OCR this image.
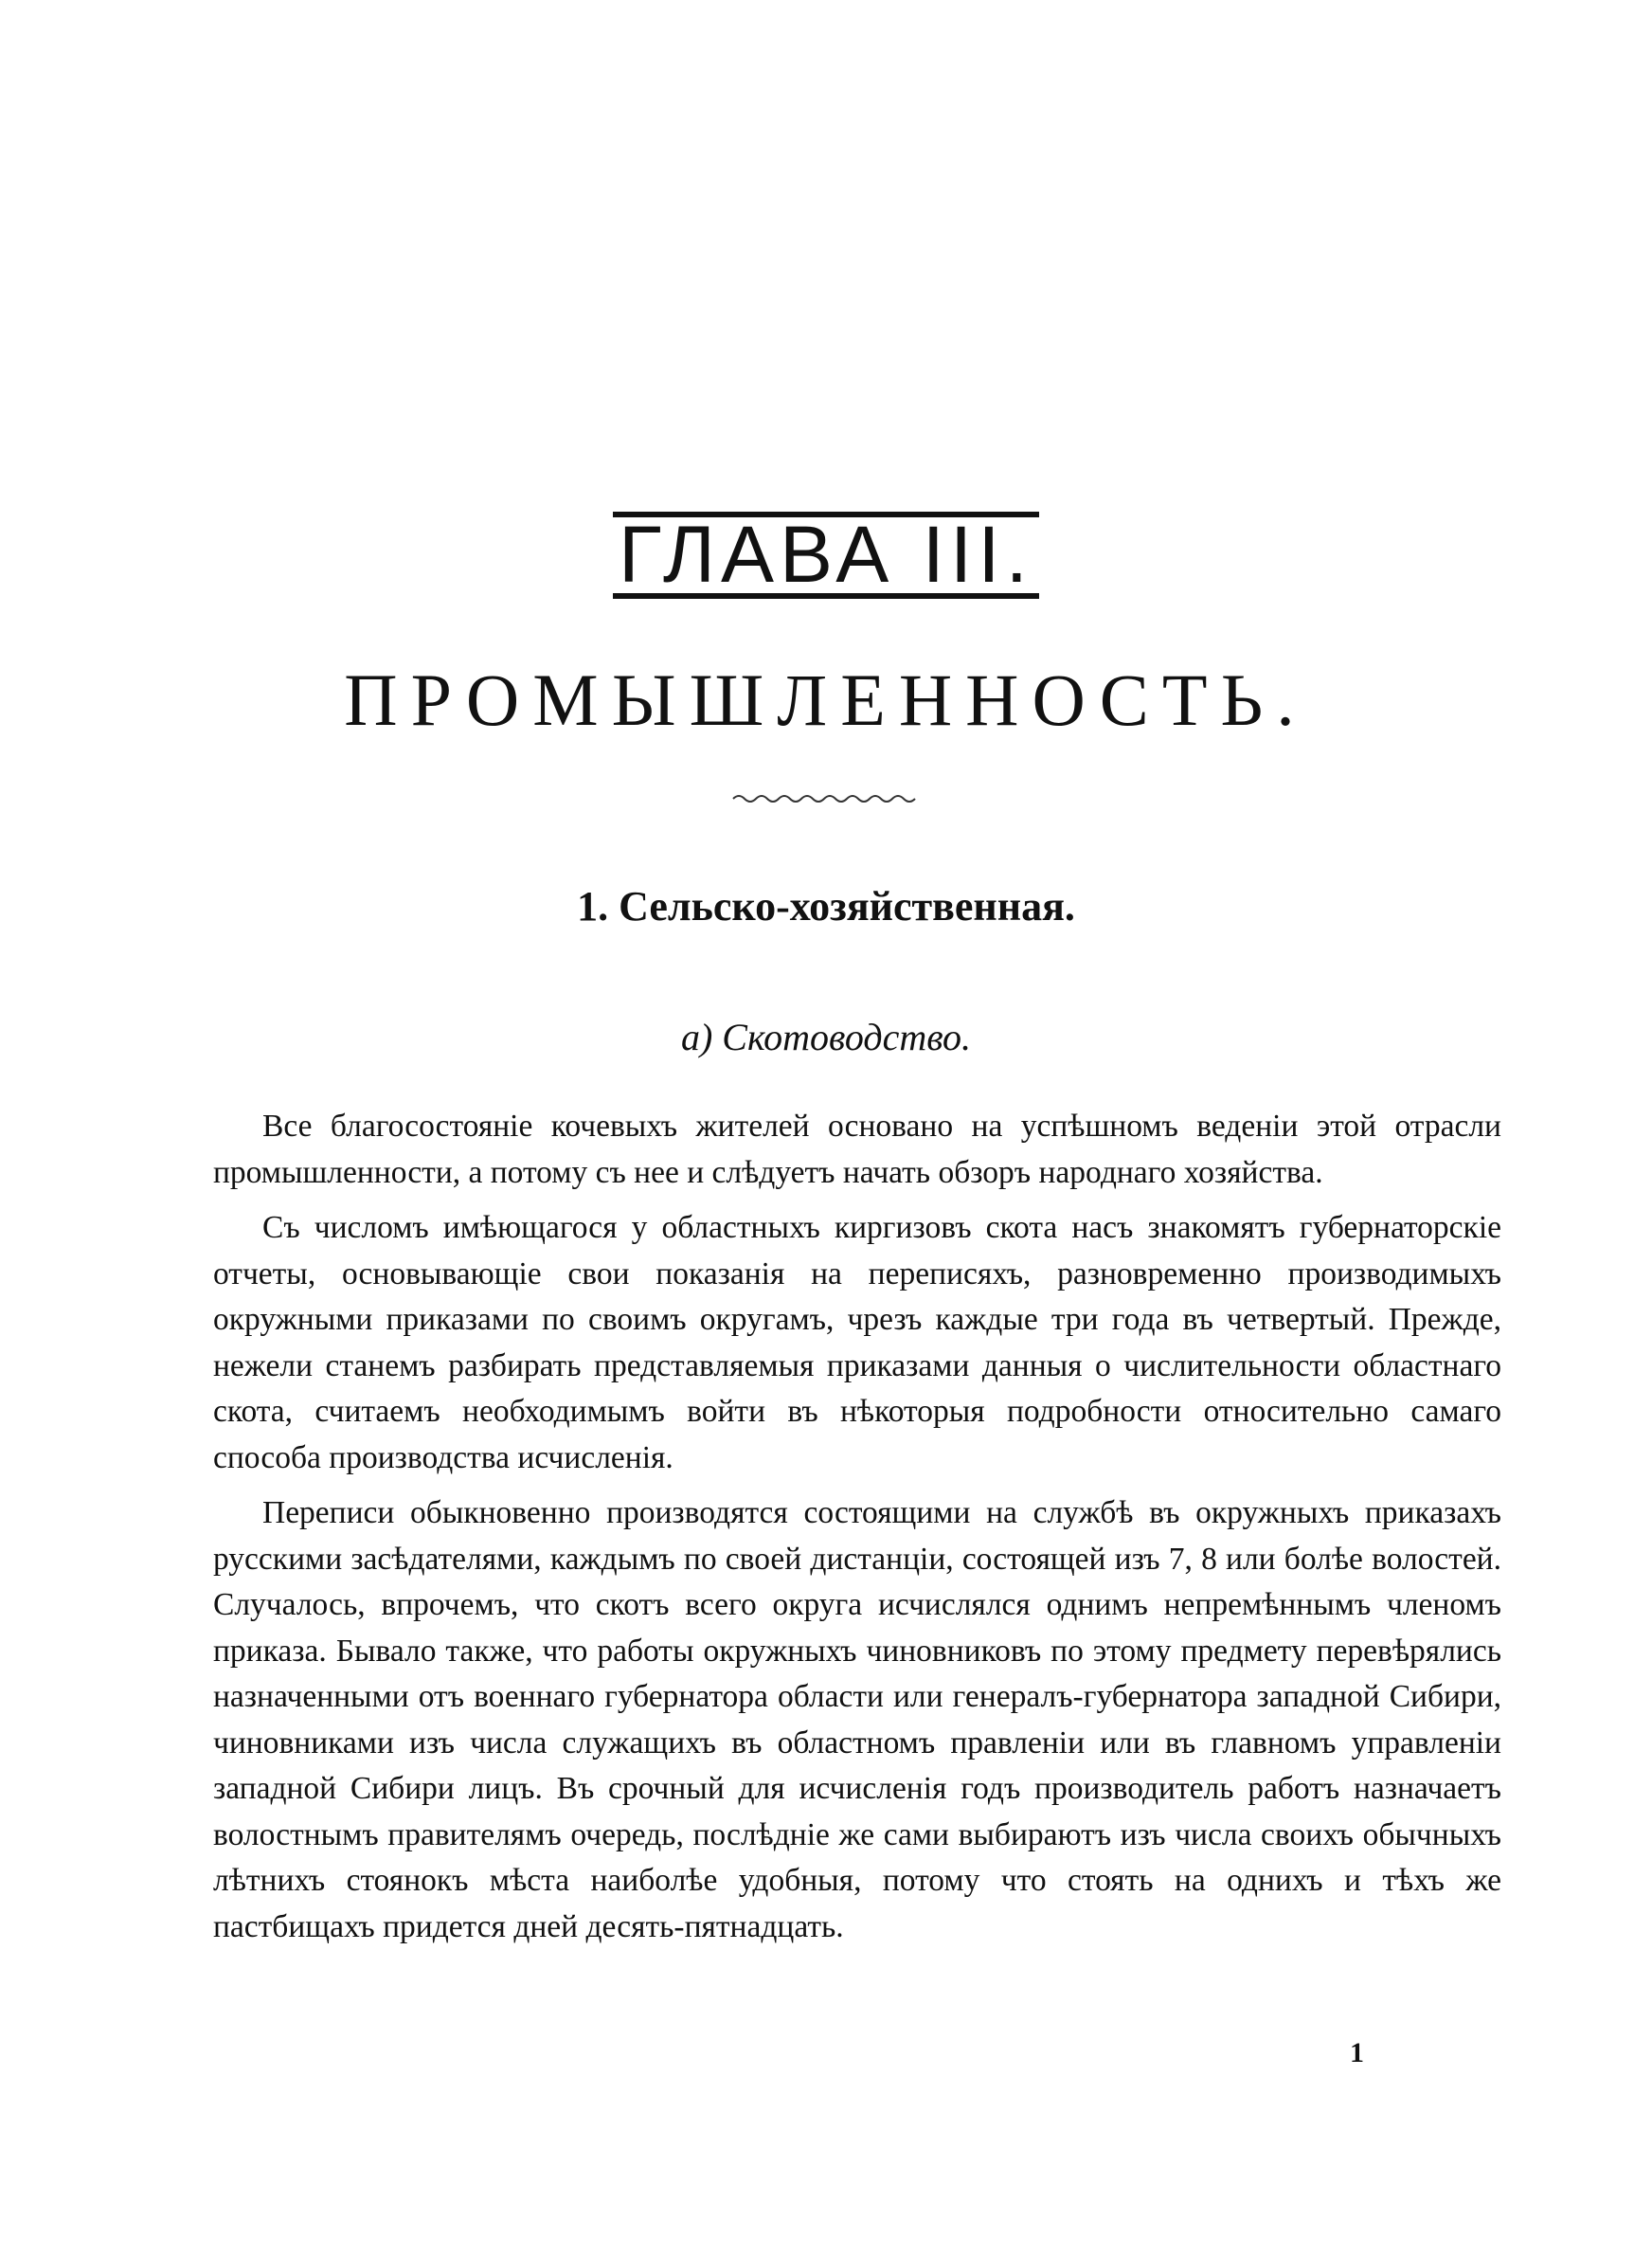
ГЛАВА III.
ПРОМЫШЛЕННОСТЬ.
1. Сельско-хозяйственная.
а) Скотоводство.

Все благосостоянiе кочевыхъ жителей основано на успѣшномъ веденiи этой отрасли промышленности, а потому съ нее и слѣдуетъ начать обзоръ народнаго хозяйства.

Съ числомъ имѣющагося у областныхъ киргизовъ скота насъ знакомятъ губернаторскiе отчеты, основывающiе свои показанiя на переписяхъ, разновременно производимыхъ окружными приказами по своимъ округамъ, чрезъ каждые три года въ четвертый. Прежде, нежели станемъ разбирать представляемыя приказами данныя о числительности областнаго скота, считаемъ необходимымъ войти въ нѣкоторыя подробности относительно самаго способа производства исчисленiя.

Переписи обыкновенно производятся состоящими на службѣ въ окружныхъ приказахъ русскими засѣдателями, каждымъ по своей дистанцiи, состоящей изъ 7, 8 или болѣе волостей. Случалось, впрочемъ, что скотъ всего округа исчислялся однимъ непремѣннымъ членомъ приказа. Бывало также, что работы окружныхъ чиновниковъ по этому предмету перевѣрялись назначенными отъ военнаго губернатора области или генералъ-губернатора западной Сибири, чиновниками изъ числа служащихъ въ областномъ правленiи или въ главномъ управленiи западной Сибири лицъ. Въ срочный для исчисленiя годъ производитель работъ назначаетъ волостнымъ правителямъ очередь, послѣднiе же сами выбираютъ изъ числа своихъ обычныхъ лѣтнихъ стоянокъ мѣста наиболѣе удобныя, потому что стоять на однихъ и тѣхъ же пастбищахъ придется дней десять-пятнадцать.

1
